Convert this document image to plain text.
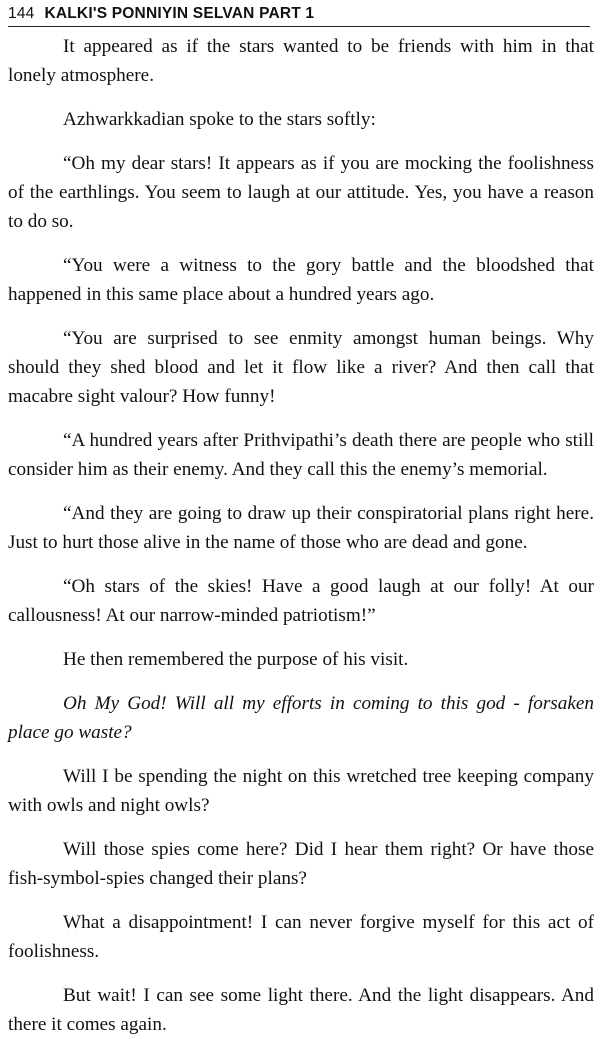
144 KALKI'S PONNIYIN SELVAN PART 1

It appeared as if the stars wanted to be friends with him in that lonely atmosphere.

Azhwarkkadian spoke to the stars softly:

“Oh my dear stars! It appears as if you are mocking the foolishness of the earthlings. You seem to laugh at our attitude. Yes, you have a reason to do so.

“You were a witness to the gory battle and the bloodshed that happened in this same place about a hundred years ago.

“You are surprised to see enmity amongst human beings. Why should they shed blood and let it flow like a river? And then call that macabre sight valour? How funny!

“A hundred years after Prithvipathi’s death there are people who still consider him as their enemy. And they call this the enemy’s memorial.

“And they are going to draw up their conspiratorial plans right here. Just to hurt those alive in the name of those who are dead and gone.

“Oh stars of the skies! Have a good laugh at our folly! At our callousness! At our narrow-minded patriotism!”

He then remembered the purpose of his visit.

Oh My God! Will all my efforts in coming to this god - forsaken place go waste?

Will I be spending the night on this wretched tree keeping company with owls and night owls?

Will those spies come here? Did I hear them right? Or have those fish-symbol-spies changed their plans?

What a disappointment! I can never forgive myself for this act of foolishness.

But wait! I can see some light there. And the light disappears. And there it comes again.
